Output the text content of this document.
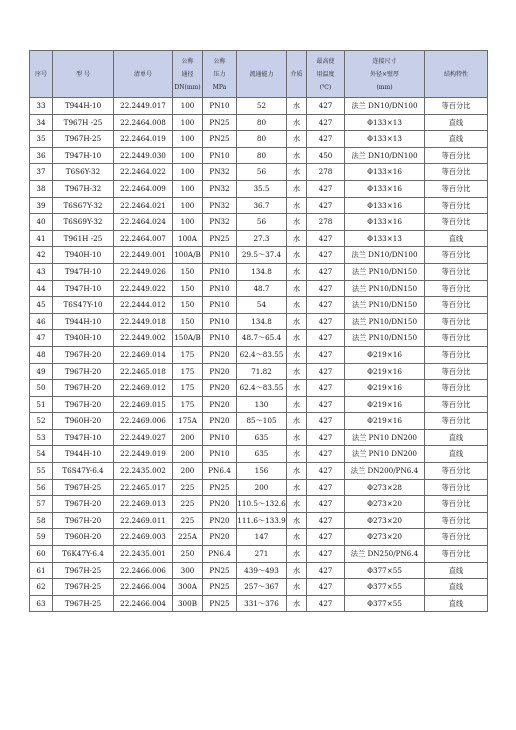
序号	型 号	清单号	公称
通径
DN(mm)	公称
压力
MPa	流通能力	介质	最高使
用温度
(℃)	连接尺寸
外径×壁厚
(mm)	结构特性

33	T944H-10	22.2449.017	100	PN10	52	水	427	法兰 DN10/DN100	等百分比
34	T967H -25	22.2464.008	100	PN25	80	水	427	Φ133×13	直线
35	T967H-25	22.2464.019	100	PN25	80	水	427	Φ133×13	直线
36	T947H-10	22.2449.030	100	PN10	80	水	450	法兰 DN10/DN100	等百分比
37	T6S6Y-32	22.2464.022	100	PN32	56	水	278	Φ133×16	等百分比
38	T967H-32	22.2464.009	100	PN32	35.5	水	427	Φ133×16	等百分比
39	T6S67Y-32	22.2464.021	100	PN32	36.7	水	427	Φ133×16	等百分比
40	T6S69Y-32	22.2464.024	100	PN32	56	水	278	Φ133×16	等百分比
41	T961H -25	22.2464.007	100A	PN25	27.3	水	427	Φ133×13	直线
42	T940H-10	22.2449.001	100A/B	PN10	29.5～37.4	水	427	法兰 DN10/DN100	等百分比
43	T947H-10	22.2449.026	150	PN10	134.8	水	427	法兰 PN10/DN150	等百分比
44	T947H-10	22.2449.022	150	PN10	48.7	水	427	法兰 PN10/DN150	等百分比
45	T6S47Y-10	22.2444.012	150	PN10	54	水	427	法兰 PN10/DN150	等百分比
46	T944H-10	22.2449.018	150	PN10	134.8	水	427	法兰 PN10/DN150	等百分比
47	T940H-10	22.2449.002	150A/B	PN10	48.7～65.4	水	427	法兰 PN10/DN150	等百分比
48	T967H-20	22.2469.014	175	PN20	62.4～83.55	水	427	Φ219×16	等百分比
49	T967H-20	22.2465.018	175	PN20	71.82	水	427	Φ219×16	等百分比
50	T967H-20	22.2469.012	175	PN20	62.4～83.55	水	427	Φ219×16	等百分比
51	T967H-20	22.2469.015	175	PN20	130	水	427	Φ219×16	等百分比
52	T960H-20	22.2469.006	175A	PN20	85～105	水	427	Φ219×16	等百分比
53	T947H-10	22.2449.027	200	PN10	635	水	427	法兰 PN10 DN200	直线
54	T944H-10	22.2449.019	200	PN10	635	水	427	法兰 PN10 DN200	直线
55	T6S47Y-6.4	22.2435.002	200	PN6.4	156	水	427	法兰 DN200/PN6.4	等百分比
56	T967H-25	22.2465.017	225	PN25	200	水	427	Φ273×28	等百分比
57	T967H-20	22.2469.013	225	PN20	110.5～132.6	水	427	Φ273×20	等百分比
58	T967H-20	22.2469.011	225	PN20	111.6～133.9	水	427	Φ273×20	等百分比
59	T960H-20	22.2469.003	225A	PN20	147	水	427	Φ273×20	等百分比
60	T6K47Y-6.4	22.2435.001	250	PN6.4	271	水	427	法兰 DN250/PN6.4	等百分比
61	T967H-25	22.2466.006	300	PN25	439～493	水	427	Φ377×55	直线
62	T967H-25	22.2466.004	300A	PN25	257～367	水	427	Φ377×55	直线
63	T967H-25	22.2466.004	300B	PN25	331～376	水	427	Φ377×55	直线
